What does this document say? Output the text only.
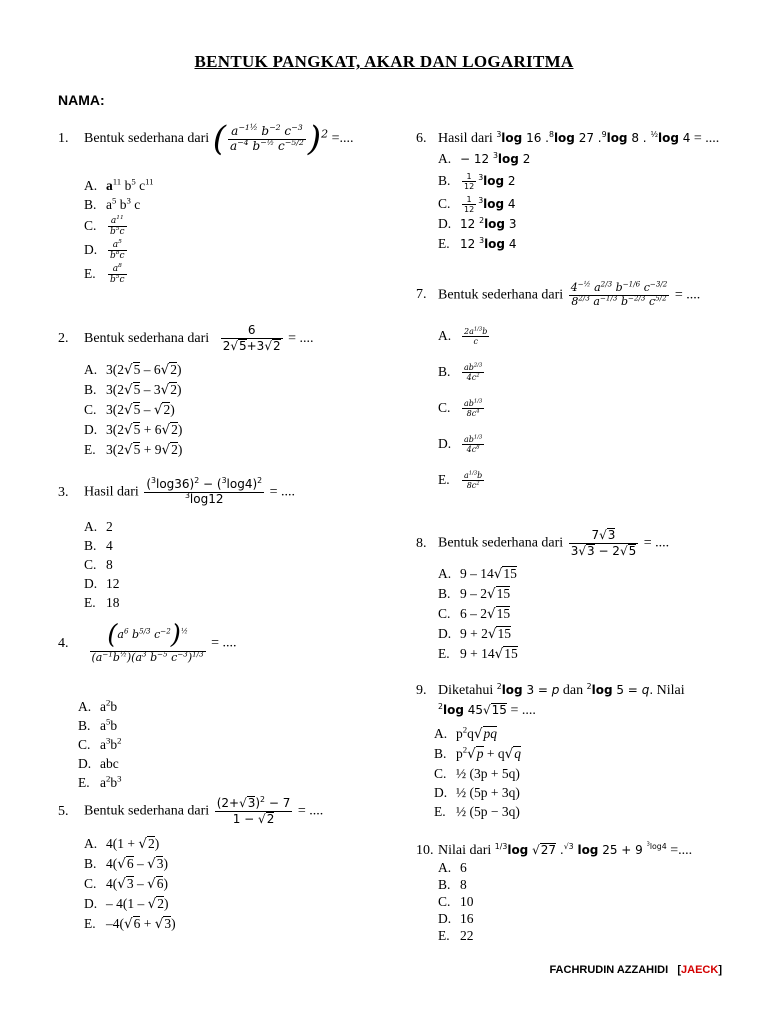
BENTUK PANGKAT, AKAR DAN LOGARITMA
NAMA:
1. Bentuk sederhana dari ( $\frac{a^{-1\frac{1}{2}} b^{-2} c^{-3}}{a^{-4} b^{-\frac{1}{2}} c^{-5/2}} )^2$ =....
A. $a^{11}$ $b^5$ $c^{11}$
B. $a^5$ $b^3$ c
C. $\frac{a^{11}}{b^5c}$
D. $\frac{a^5}{b^8c}$
E. $\frac{a^8}{b^5c}$
2. Bentuk sederhana dari $\frac{6}{2√5+3√2}$ = ....
A. 3(2√5 – 6√2)
B. 3(2√5 – 3√2)
C. 3(2√5 – √2)
D. 3(2√5 + 6√2)
E. 3(2√5 + 9√2)
3. Hasil dari $\frac{(^3\log 36)^2 - (^3\log 4)^2}{^3\log 12}$ = ....
A. 2
B. 4
C. 8
D. 12
E. 18
4. $\frac{(a^6 b^{5/3} c^{-2})^{\frac{1}{2}}}{(a^{-1}b^{\frac{1}{2}})(a^3 b^{-5} c^{-3})^{1/3}}$ = ....
A. $a^2b$
B. $a^5b$
C. $a^3b^2$
D. abc
E. $a^2b^3$
5. Bentuk sederhana dari $\frac{(2+√3)^2 - 7}{1 - √2}$ = ....
A. 4(1 + √2)
B. 4(√6 – √3)
C. 4(√3 – √6)
D. – 4(1 – √2)
E. –4(√6 + √3)
6. Hasil dari $^3$log 16 .$^8$log 27 .$^9$log 8 . $^{\frac{1}{2}}$log 4 = ....
A. − 12 $^3$log 2
B. $\frac{1}{12} ^3\log$ 2
C. $\frac{1}{12} ^3\log$ 4
D. 12 $^2$log 3
E. 12 $^3$log 4
7. Bentuk sederhana dari $\frac{4^{-\frac{1}{2}} a^{2/3} b^{-1/6} c^{-3/2}}{8^{2/3} a^{-1/3} b^{-2/3} c^{5/2}}$ = ....
A. $\frac{2a^{1/3}b}{c}$
B. $\frac{ab^{2/3}}{4c^2}$
C. $\frac{ab^{1/3}}{8c^4}$
D. $\frac{ab^{1/3}}{4c^8}$
E. $\frac{a^{1/3}b}{8c^2}$
8. Bentuk sederhana dari $\frac{7√3}{3√3 - 2√5}$ = ....
A. 9 – 14√15
B. 9 – 2√15
C. 6 – 2√15
D. 9 + 2√15
E. 9 + 14√15
9. Diketahui $^2$log 3 = p dan $^2$log 5 = q. Nilai
$^2$log 45√15 = ....
A. $p^2q√pq$
B. $p^2√p + q√q$
C. ½ (3p + 5q)
D. ½ (5p + 3q)
E. ½ (5p − 3q)
10. Nilai dari $^{1/3}$log √27 .$^{√3}$ log 25 + 9 $^{^3log4}$ =....
A. 6
B. 8
C. 10
D. 16
E. 22
FACHRUDIN AZZAHIDI   [JAECK]
